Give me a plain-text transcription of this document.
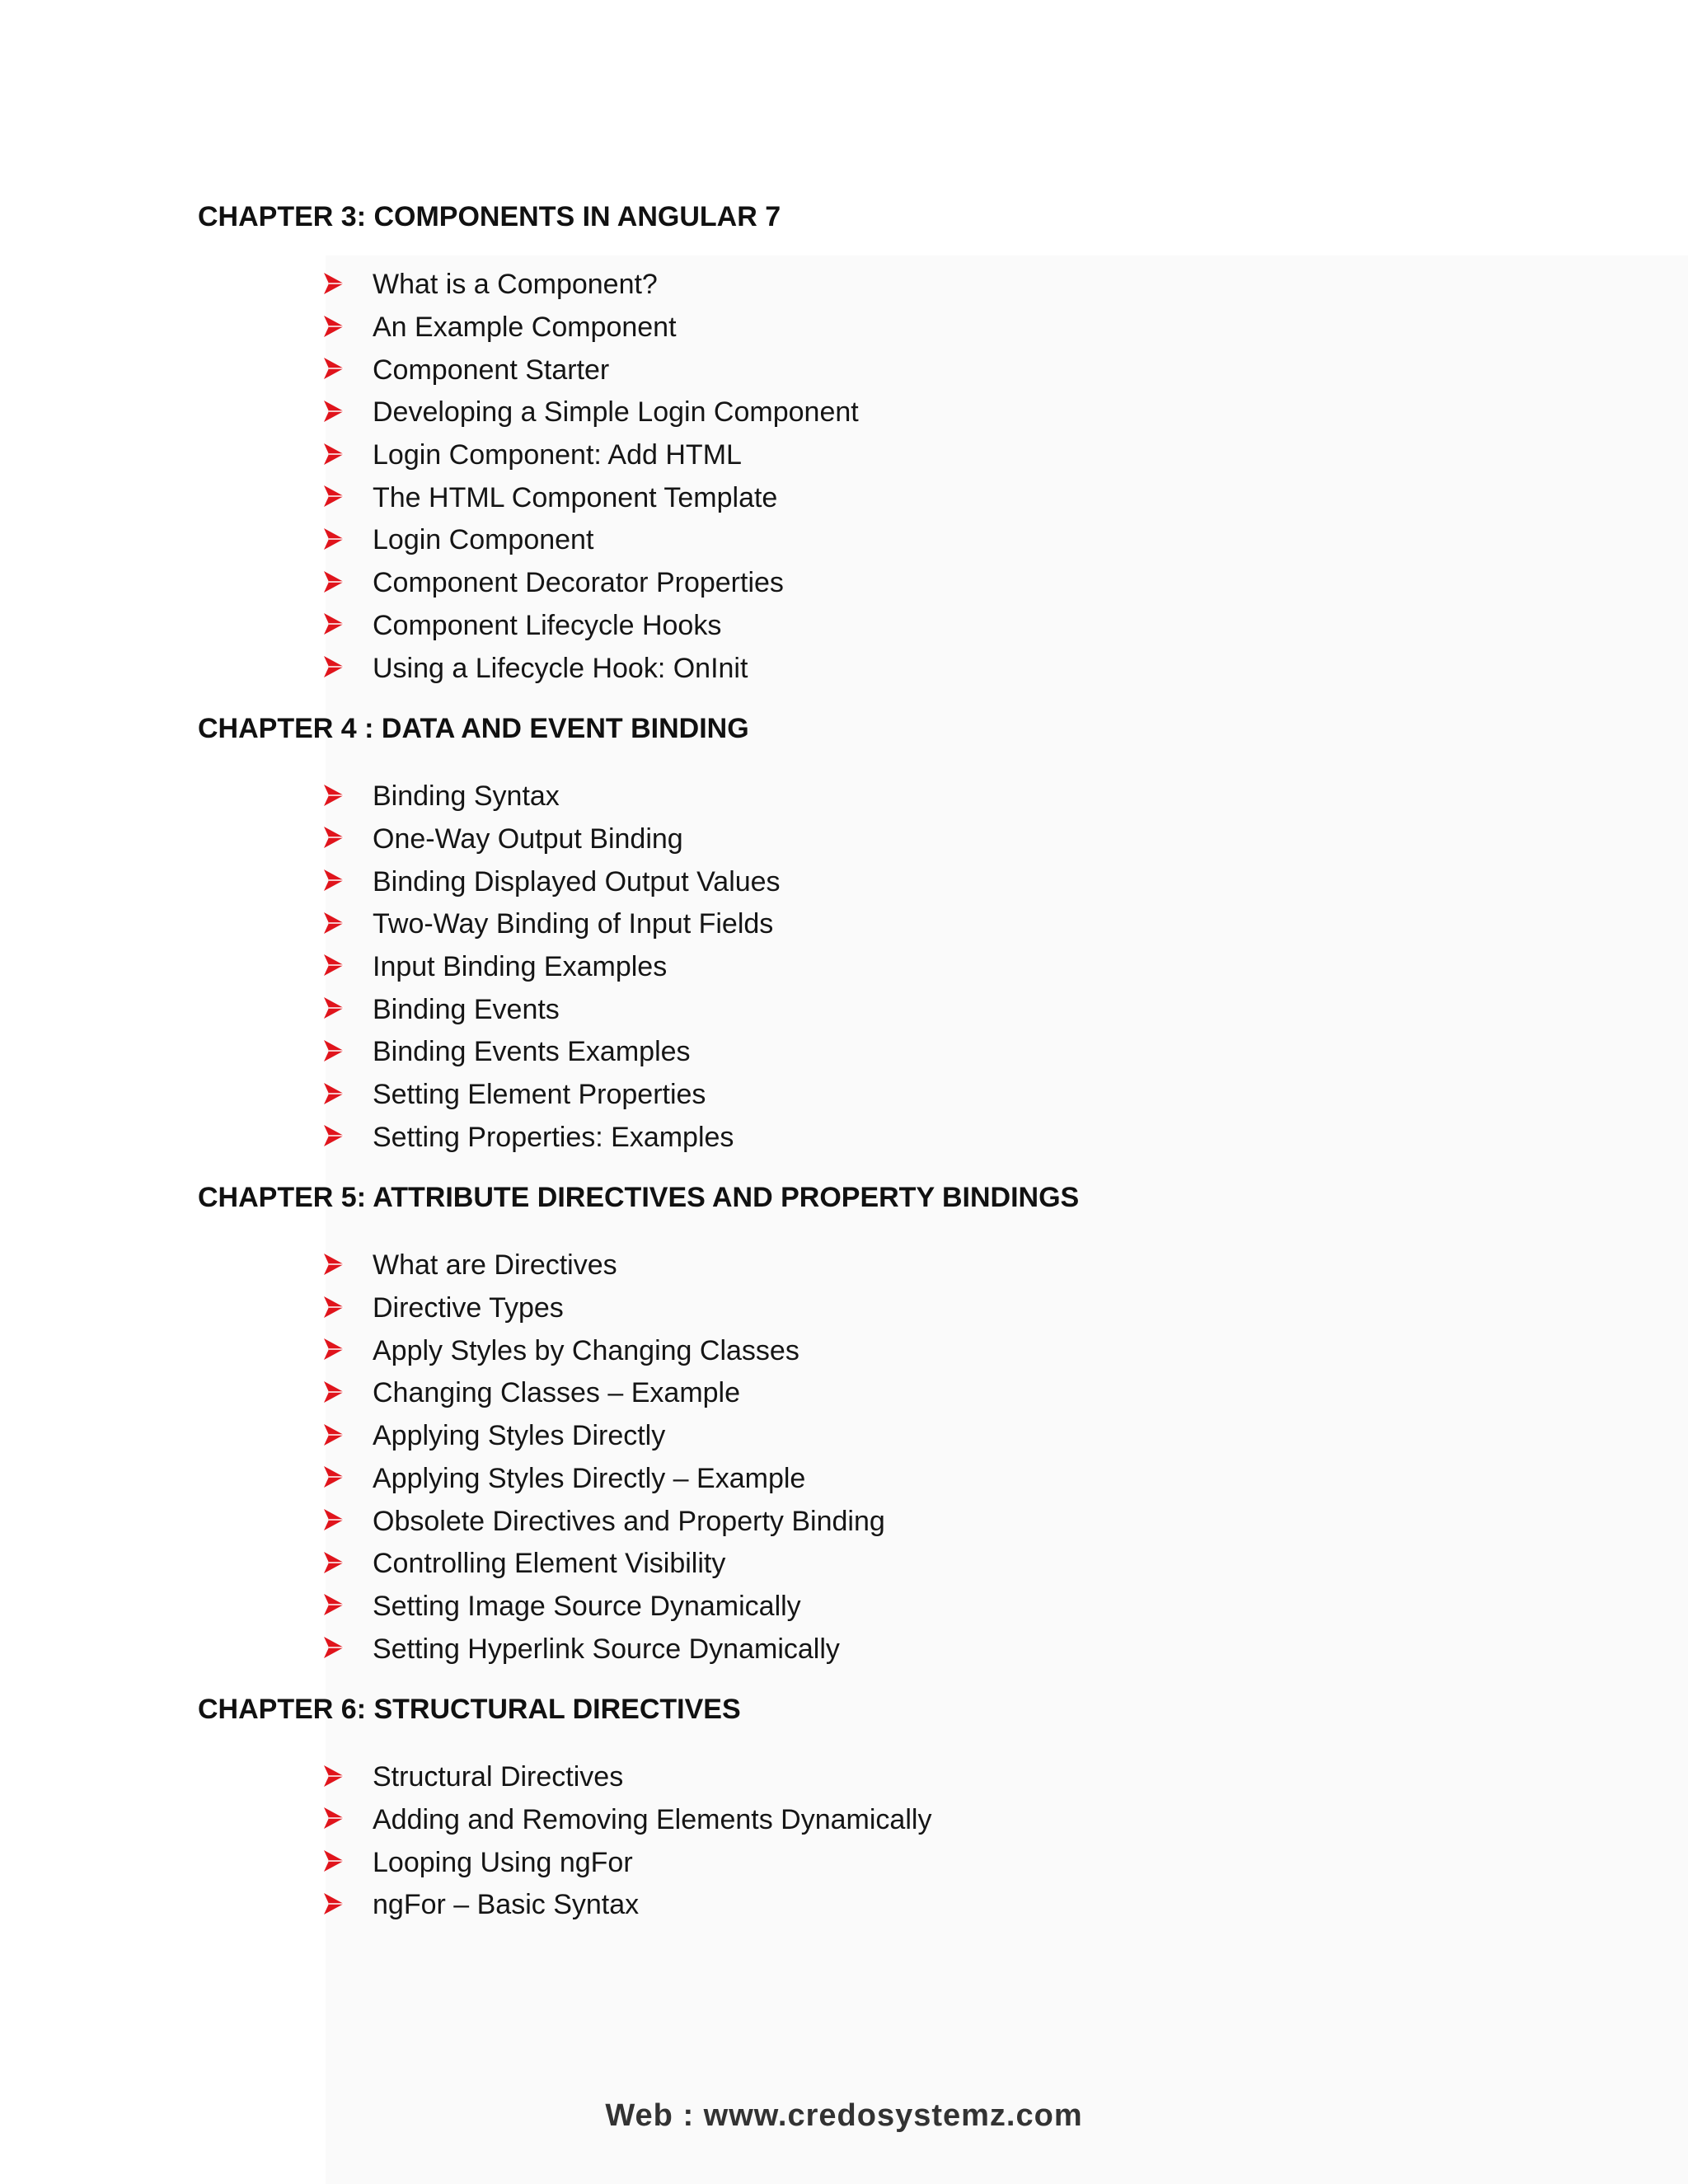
CHAPTER 3: COMPONENTS IN ANGULAR 7
What is a Component?
An Example Component
Component Starter
Developing a Simple Login Component
Login Component: Add HTML
The HTML Component Template
Login Component
Component Decorator Properties
Component Lifecycle Hooks
Using a Lifecycle Hook: OnInit
CHAPTER 4 : DATA AND EVENT BINDING
Binding Syntax
One-Way Output Binding
Binding Displayed Output Values
Two-Way Binding of Input Fields
Input Binding Examples
Binding Events
Binding Events Examples
Setting Element Properties
Setting Properties: Examples
CHAPTER 5: ATTRIBUTE DIRECTIVES AND PROPERTY BINDINGS
What are Directives
Directive Types
Apply Styles by Changing Classes
Changing Classes – Example
Applying Styles Directly
Applying Styles Directly – Example
Obsolete Directives and Property Binding
Controlling Element Visibility
Setting Image Source Dynamically
Setting Hyperlink Source Dynamically
CHAPTER 6: STRUCTURAL DIRECTIVES
Structural Directives
Adding and Removing Elements Dynamically
Looping Using ngFor
ngFor – Basic Syntax
Web : www.credosystemz.com
